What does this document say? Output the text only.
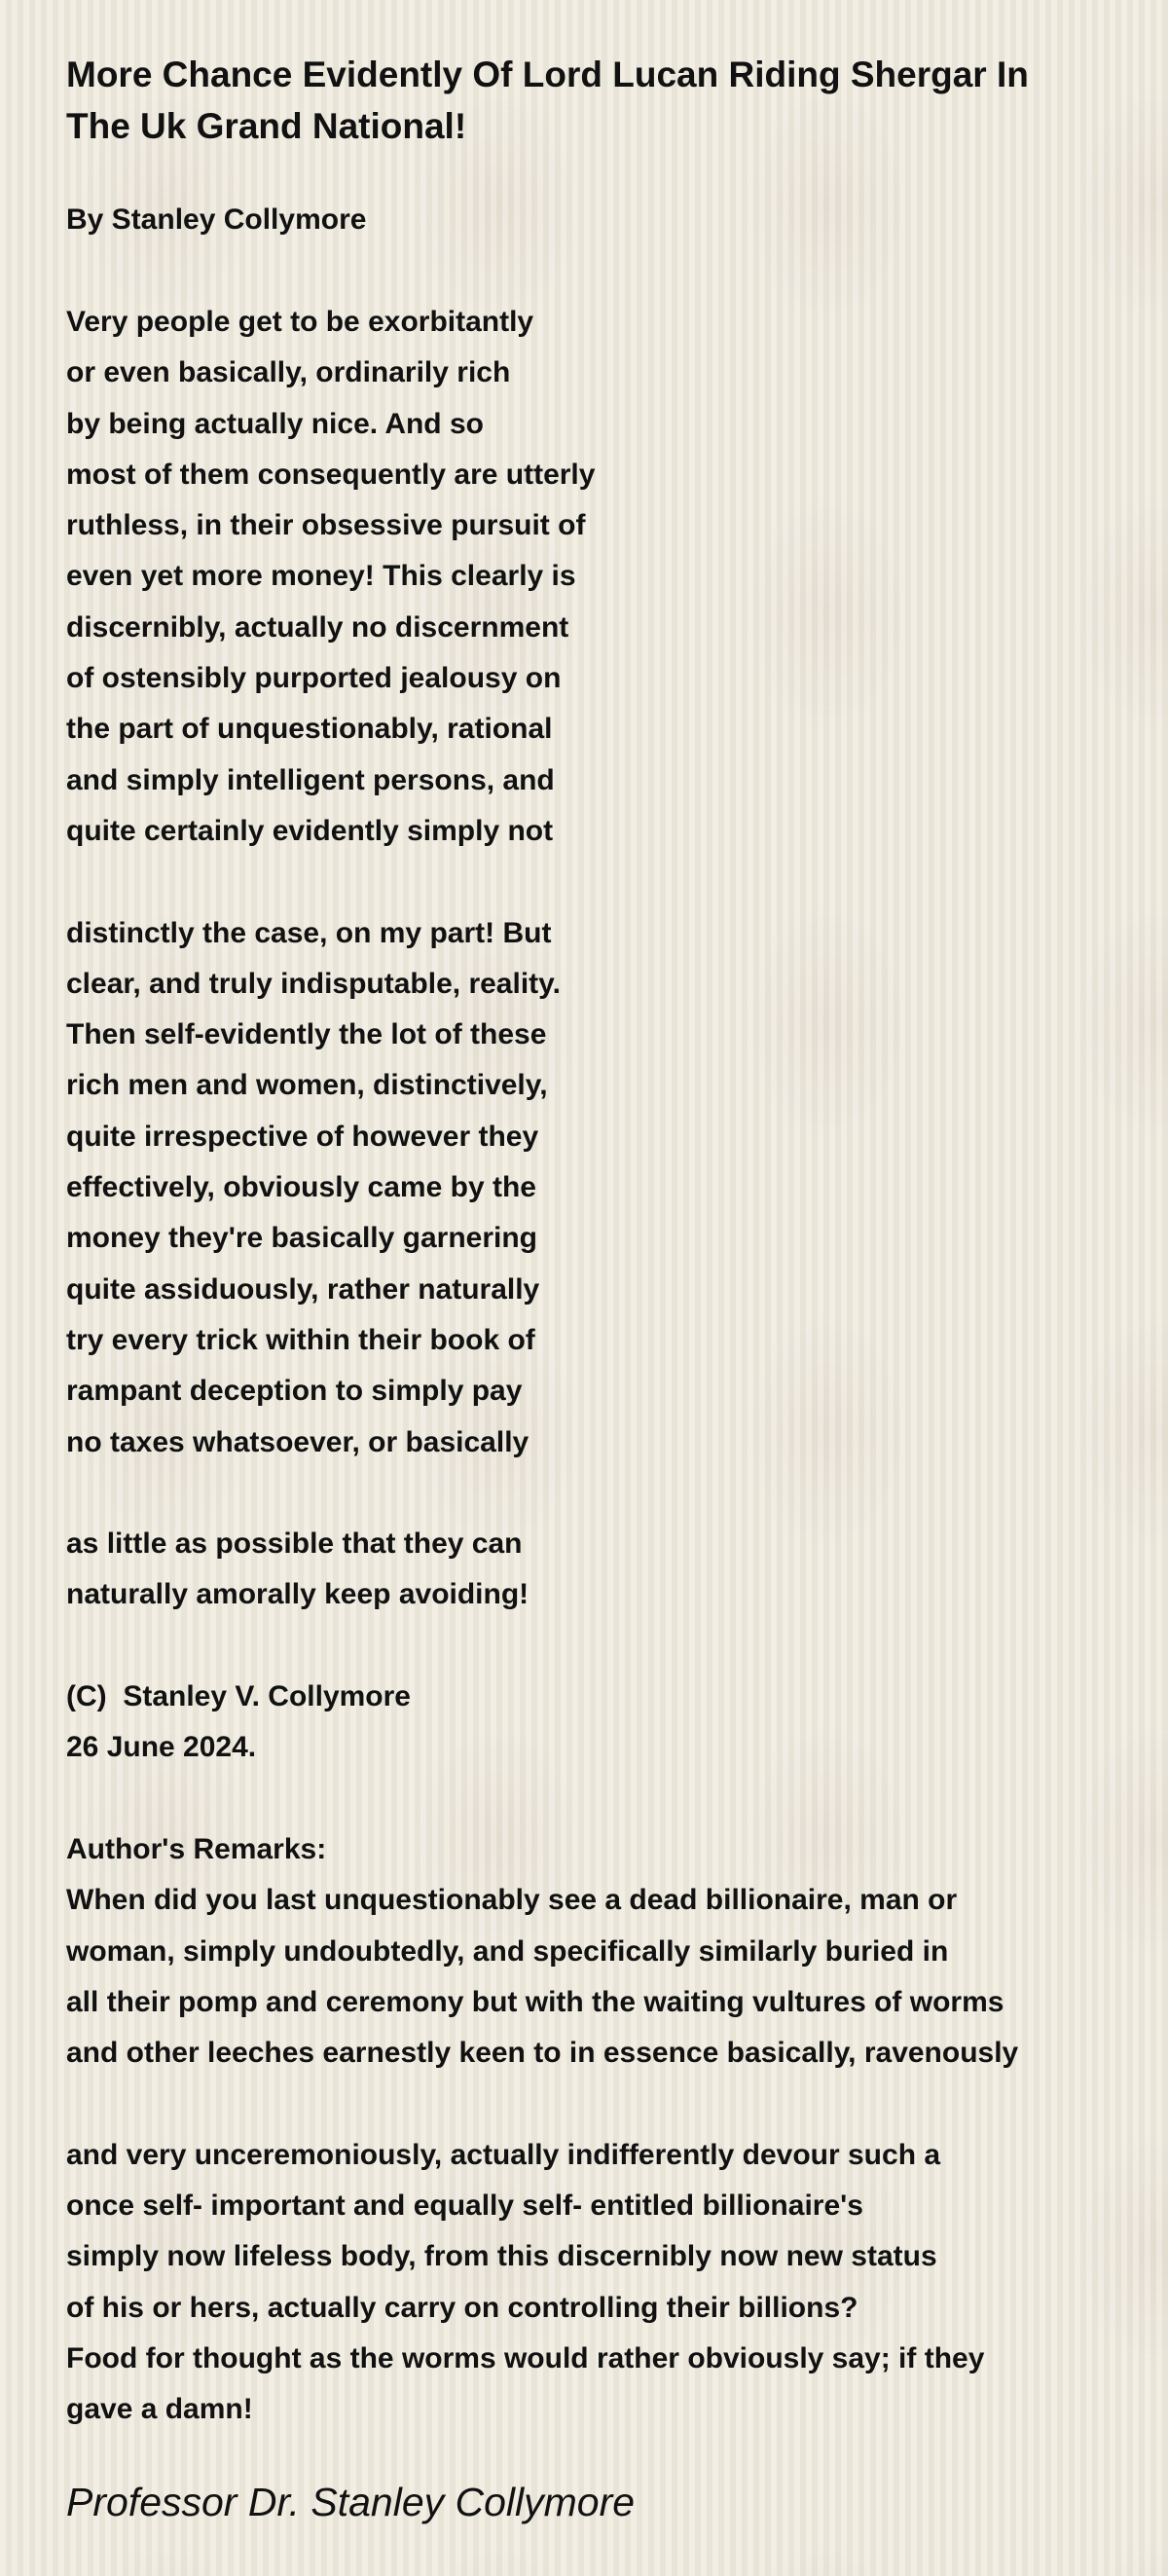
More Chance Evidently Of Lord Lucan Riding Shergar In The Uk Grand National!

By Stanley Collymore

Very people get to be exorbitantly
or even basically, ordinarily rich
by being actually nice. And so
most of them consequently are utterly
ruthless, in their obsessive pursuit of
even yet more money! This clearly is
discernibly, actually no discernment
of ostensibly purported jealousy on
the part of unquestionably, rational
and simply intelligent persons, and
quite certainly evidently simply not
distinctly the case, on my part! But
clear, and truly indisputable, reality.
Then self-evidently the lot of these
rich men and women, distinctively,
quite irrespective of however they
effectively, obviously came by the
money they're basically garnering
quite assiduously, rather naturally
try every trick within their book of
rampant deception to simply pay
no taxes whatsoever, or basically
as little as possible that they can
naturally amorally keep avoiding!
(C)  Stanley V. Collymore
26 June 2024.
Author's Remarks:
When did you last unquestionably see a dead billionaire, man or
woman, simply undoubtedly, and specifically similarly buried in
all their pomp and ceremony but with the waiting vultures of worms
and other leeches earnestly keen to in essence basically, ravenously
and very unceremoniously, actually indifferently devour such a
once self- important and equally self- entitled billionaire's
simply now lifeless body, from this discernibly now new status
of his or hers, actually carry on controlling their billions?
Food for thought as the worms would rather obviously say; if they
gave a damn!

Professor Dr. Stanley Collymore
